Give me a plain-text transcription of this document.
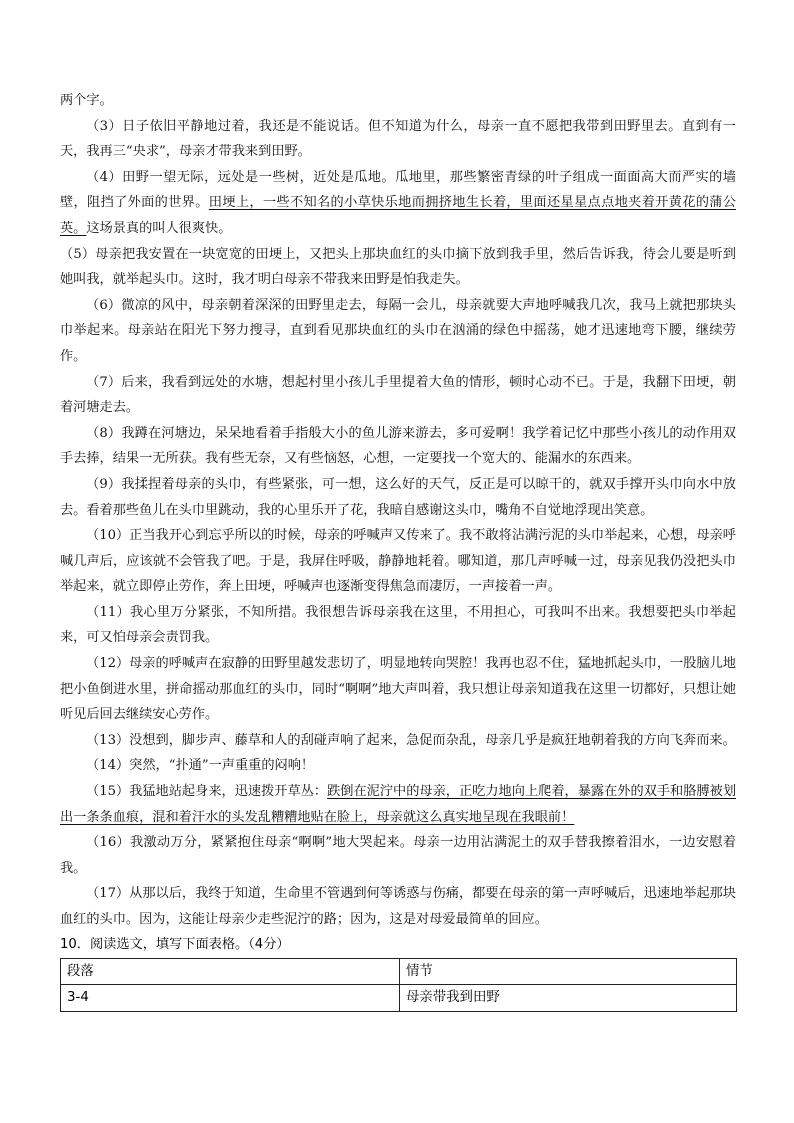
两个字。

（3）日子依旧平静地过着，我还是不能说话。但不知道为什么，母亲一直不愿把我带到田野里去。直到有一天，我再三“央求”，母亲才带我来到田野。

（4）田野一望无际，远处是一些树，近处是瓜地。瓜地里，那些繁密青绿的叶子组成一面面高大而严实的墙壁，阻挡了外面的世界。田埂上，一些不知名的小草快乐地而拥挤地生长着，里面还星星点点地夹着开黄花的蒲公英。这场景真的叫人很爽快。

（5）母亲把我安置在一块宽宽的田埂上，又把头上那块血红的头巾摘下放到我手里，然后告诉我，待会儿要是听到她叫我，就举起头巾。这时，我才明白母亲不带我来田野是怕我走失。

（6）微凉的风中，母亲朝着深深的田野里走去，每隔一会儿，母亲就要大声地呼喊我几次，我马上就把那块头巾举起来。母亲站在阳光下努力搜寻，直到看见那块血红的头巾在汹涌的绿色中摇荡，她才迅速地弯下腰，继续劳作。

（7）后来，我看到远处的水塘，想起村里小孩儿手里提着大鱼的情形，顿时心动不已。于是，我翻下田埂，朝着河塘走去。

（8）我蹲在河塘边，呆呆地看着手指般大小的鱼儿游来游去，多可爱啊！我学着记忆中那些小孩儿的动作用双手去捧，结果一无所获。我有些无奈，又有些恼怒，心想，一定要找一个宽大的、能漏水的东西来。

（9）我揉捏着母亲的头巾，有些紧张，可一想，这么好的天气，反正是可以晾干的，就双手撑开头巾向水中放去。看着那些鱼儿在头巾里跳动，我的心里乐开了花，我暗自感谢这头巾，嘴角不自觉地浮现出笑意。

（10）正当我开心到忘乎所以的时候，母亲的呼喊声又传来了。我不敢将沾满污泥的头巾举起来，心想，母亲呼喊几声后，应该就不会管我了吧。于是，我屏住呼吸，静静地耗着。哪知道，那几声呼喊一过，母亲见我仍没把头巾举起来，就立即停止劳作，奔上田埂，呼喊声也逐渐变得焦急而凄厉，一声接着一声。

（11）我心里万分紧张，不知所措。我很想告诉母亲我在这里，不用担心，可我叫不出来。我想要把头巾举起来，可又怕母亲会责罚我。

（12）母亲的呼喊声在寂静的田野里越发悲切了，明显地转向哭腔！我再也忍不住，猛地抓起头巾，一股脑儿地把小鱼倒进水里，拼命摇动那血红的头巾，同时“啊啊”地大声叫着，我只想让母亲知道我在这里一切都好，只想让她听见后回去继续安心劳作。

（13）没想到，脚步声、藤草和人的刮碰声响了起来，急促而杂乱，母亲几乎是疯狂地朝着我的方向飞奔而来。

（14）突然，“扑通”一声重重的闷响！

（15）我猛地站起身来，迅速拨开草丛：跌倒在泥泞中的母亲，正吃力地向上爬着，暴露在外的双手和胳膊被划出一条条血痕，混和着汗水的头发乱糟糟地贴在脸上，母亲就这么真实地呈现在我眼前！

（16）我激动万分，紧紧抱住母亲“啊啊”地大哭起来。母亲一边用沾满泥土的双手替我擦着泪水，一边安慰着我。

（17）从那以后，我终于知道，生命里不管遇到何等诱惑与伤痛，都要在母亲的第一声呼喊后，迅速地举起那块血红的头巾。因为，这能让母亲少走些泥泞的路；因为，这是对母爱最简单的回应。

10．阅读选文，填写下面表格。（4分）

段落	情节
3-4	母亲带我到田野
